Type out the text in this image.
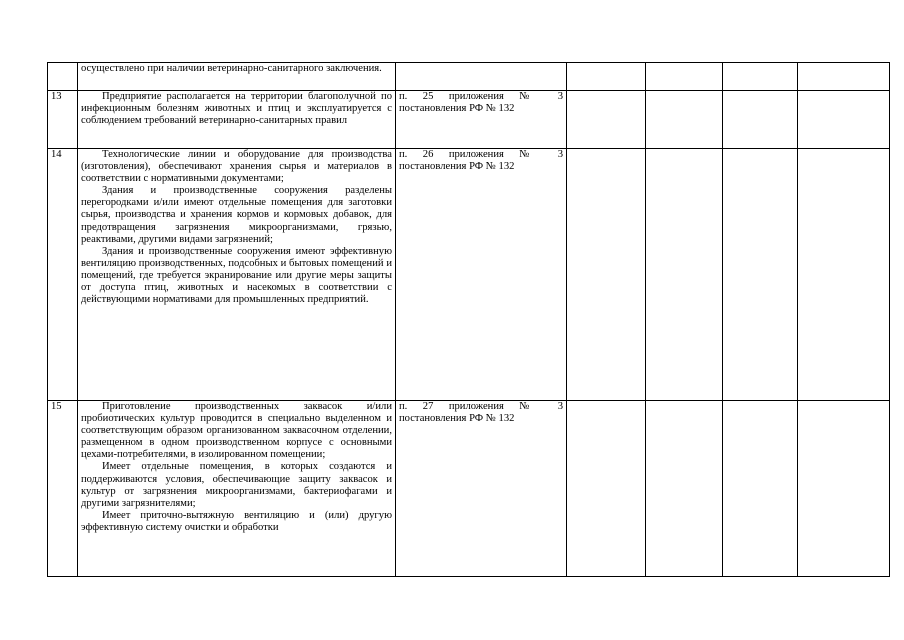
	осуществлено при наличии ветеринарно-санитарного заключения.					

13	Предприятие располагается на территории благополучной по инфекционным болезням животных и птиц и эксплуатируется с соблюдением требований ветеринарно-санитарных правил	п. 25 приложения № 3 постановления РФ № 132				
14	Технологические линии и оборудование для производства (изготовления), обеспечивают хранения сырья и материалов в соответствии с нормативными документами;
Здания и производственные сооружения разделены перегородками и/или имеют отдельные помещения для заготовки сырья, производства и хранения кормов и кормовых добавок, для предотвращения загрязнения микроорганизмами, грязью, реактивами, другими видами загрязнений;
Здания и производственные сооружения имеют эффективную вентиляцию производственных, подсобных и бытовых помещений и помещений, где требуется экранирование или другие меры защиты от доступа птиц, животных и насекомых в соответствии с действующими нормативами для промышленных предприятий.	п. 26 приложения № 3 постановления РФ № 132				
15	Приготовление производственных заквасок и/или пробиотических культур проводится в специально выделенном и соответствующим образом организованном заквасочном отделении, размещенном в одном производственном корпусе с основными цехами-потребителями, в изолированном помещении;
Имеет отдельные помещения, в которых создаются и поддерживаются условия, обеспечивающие защиту заквасок и культур от загрязнения микроорганизмами, бактериофагами и другими загрязнителями;
Имеет приточно-вытяжную вентиляцию и (или) другую эффективную систему очистки и обработки	п. 27 приложения № 3 постановления РФ № 132				
